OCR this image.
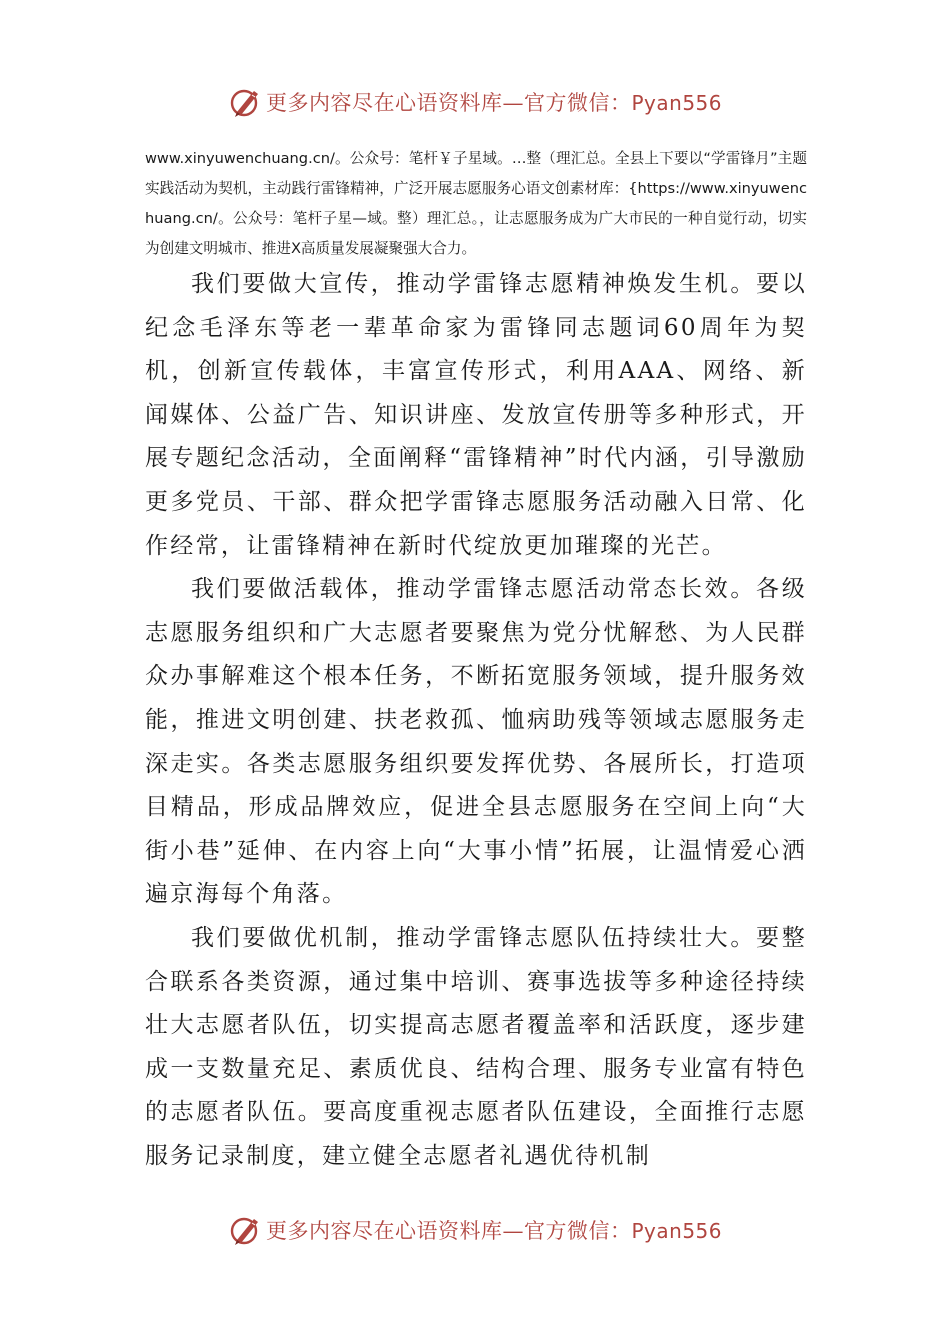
更多内容尽在心语资料库—官方微信：Pyan556
www.xinyuwenchuang.cn/。公众号：笔杆￥子星域。…整（理汇总。全县上下要以“学雷锋月”主题实践活动为契机，主动践行雷锋精神，广泛开展志愿服务心语文创素材库：{https://www.xinyuwenchuang.cn/。公众号：笔杆子星—域。整）理汇总。，让志愿服务成为广大市民的一种自觉行动，切实为创建文明城市、推进X高质量发展凝聚强大合力。

我们要做大宣传，推动学雷锋志愿精神焕发生机。要以纪念毛泽东等老一辈革命家为雷锋同志题词60周年为契机，创新宣传载体，丰富宣传形式，利用AAA、网络、新闻媒体、公益广告、知识讲座、发放宣传册等多种形式，开展专题纪念活动，全面阐释“雷锋精神”时代内涵，引导激励更多党员、干部、群众把学雷锋志愿服务活动融入日常、化作经常，让雷锋精神在新时代绽放更加璀璨的光芒。

我们要做活载体，推动学雷锋志愿活动常态长效。各级志愿服务组织和广大志愿者要聚焦为党分忧解愁、为人民群众办事解难这个根本任务，不断拓宽服务领域，提升服务效能，推进文明创建、扶老救孤、恤病助残等领域志愿服务走深走实。各类志愿服务组织要发挥优势、各展所长，打造项目精品，形成品牌效应，促进全县志愿服务在空间上向“大街小巷”延伸、在内容上向“大事小情”拓展，让温情爱心洒遍京海每个角落。

我们要做优机制，推动学雷锋志愿队伍持续壮大。要整合联系各类资源，通过集中培训、赛事选拔等多种途径持续壮大志愿者队伍，切实提高志愿者覆盖率和活跃度，逐步建成一支数量充足、素质优良、结构合理、服务专业富有特色的志愿者队伍。要高度重视志愿者队伍建设，全面推行志愿服务记录制度，建立健全志愿者礼遇优待机制

更多内容尽在心语资料库—官方微信：Pyan556
